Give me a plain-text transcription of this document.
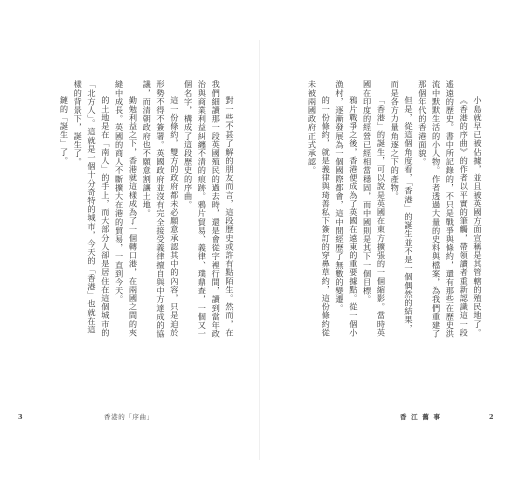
對一些不甚了解的朋友而言，這段歷史或許有點陌生。然而，在我們細讀那一段英國殖民的過去時，還是會從字裡行間，讀到當年政治與商業利益糾纏不清的痕跡。鴉片貿易、義律、璞鼎查，一個又一個名字，構成了這段歷史的序曲。

這一份條約，雙方的政府都未必願意承認其中的內容，只是迫於形勢不得不簽署。英國政府並沒有完全接受義律擅自與中方達成的協議，而清朝政府也不願意割讓土地。

勤勉利益之下，香港就這樣成為了一個轉口港，在兩國之間的夾縫中成長。英國的商人不斷擴大在港的貿易，一直到今天。

的土地是在「南人」的手上，而大部分人卻是居住在這個城市的「北方人」。這就是一個十分奇特的城市，今天的「香港」也就在這樣的背景下，誕生了。

鏈的「誕生」了。

3	香港的「序曲」

小島就早已被佔據，並且被英國方面宣稱是其管轄的殖民地了。

《香港的序曲》的作者以平實的筆觸，帶領讀者重新認識這一段遙遠的歷史。書中所記錄的，不只是戰爭與條約，還有那些在歷史洪流中默默生活的小人物。作者透過大量的史料與檔案，為我們重建了那個年代的香港面貌。

但是，從這個角度看，「香港」的誕生並不是一個偶然的結果，而是各方力量角逐之下的產物。

「香港」的誕生，可以說是英國在東方擴張的一個縮影。當時英國在印度的經營已經相當穩固，而中國則是其下一個目標。

鴉片戰爭之後，香港便成為了英國在遠東的重要據點。從一個小漁村，逐漸發展為一個國際都會，這中間經歷了無數的變遷。

的一份條約，就是義律與琦善私下簽訂的穿鼻草約，這份條約從未被兩國政府正式承認。

香 江 舊 事	2
